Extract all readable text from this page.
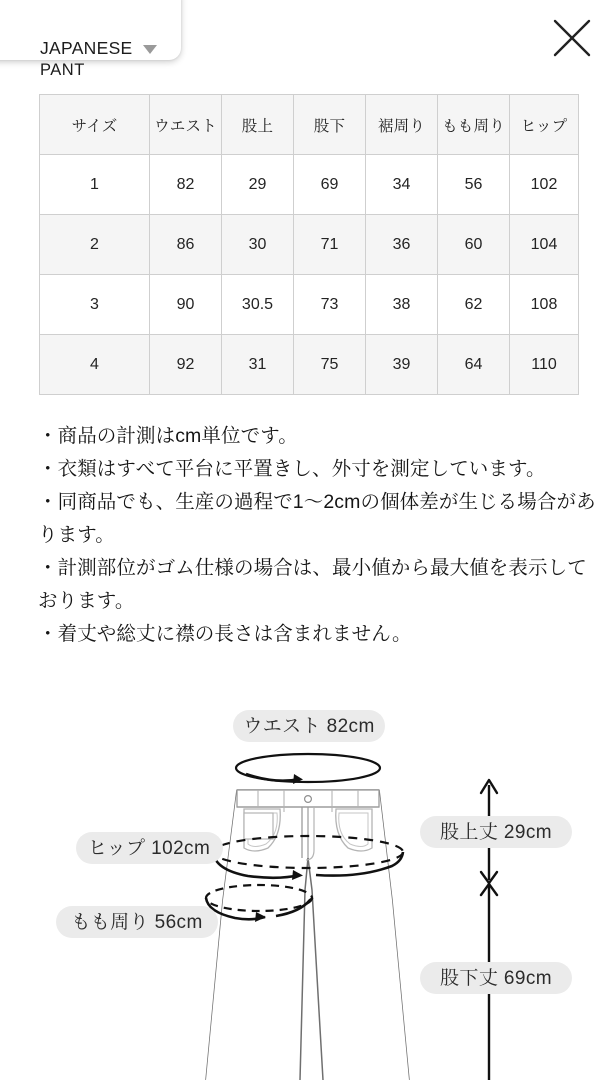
JAPANESE
PANT
サイズ	ウエスト	股上	股下	裾周り	もも周り	ヒップ
1	82	29	69	34	56	102
2	86	30	71	36	60	104
3	90	30.5	73	38	62	108
4	92	31	75	39	64	110

・商品の計測はcm単位です。

・衣類はすべて平台に平置きし、外寸を測定しています。

・同商品でも、生産の過程で1〜2cmの個体差が生じる場合があります。

・計測部位がゴム仕様の場合は、最小値から最大値を表示しております。

・着丈や総丈に襟の長さは含まれません。

ウエスト 82cm
ヒップ 102cm
もも周り 56cm
股上丈 29cm
股下丈 69cm
